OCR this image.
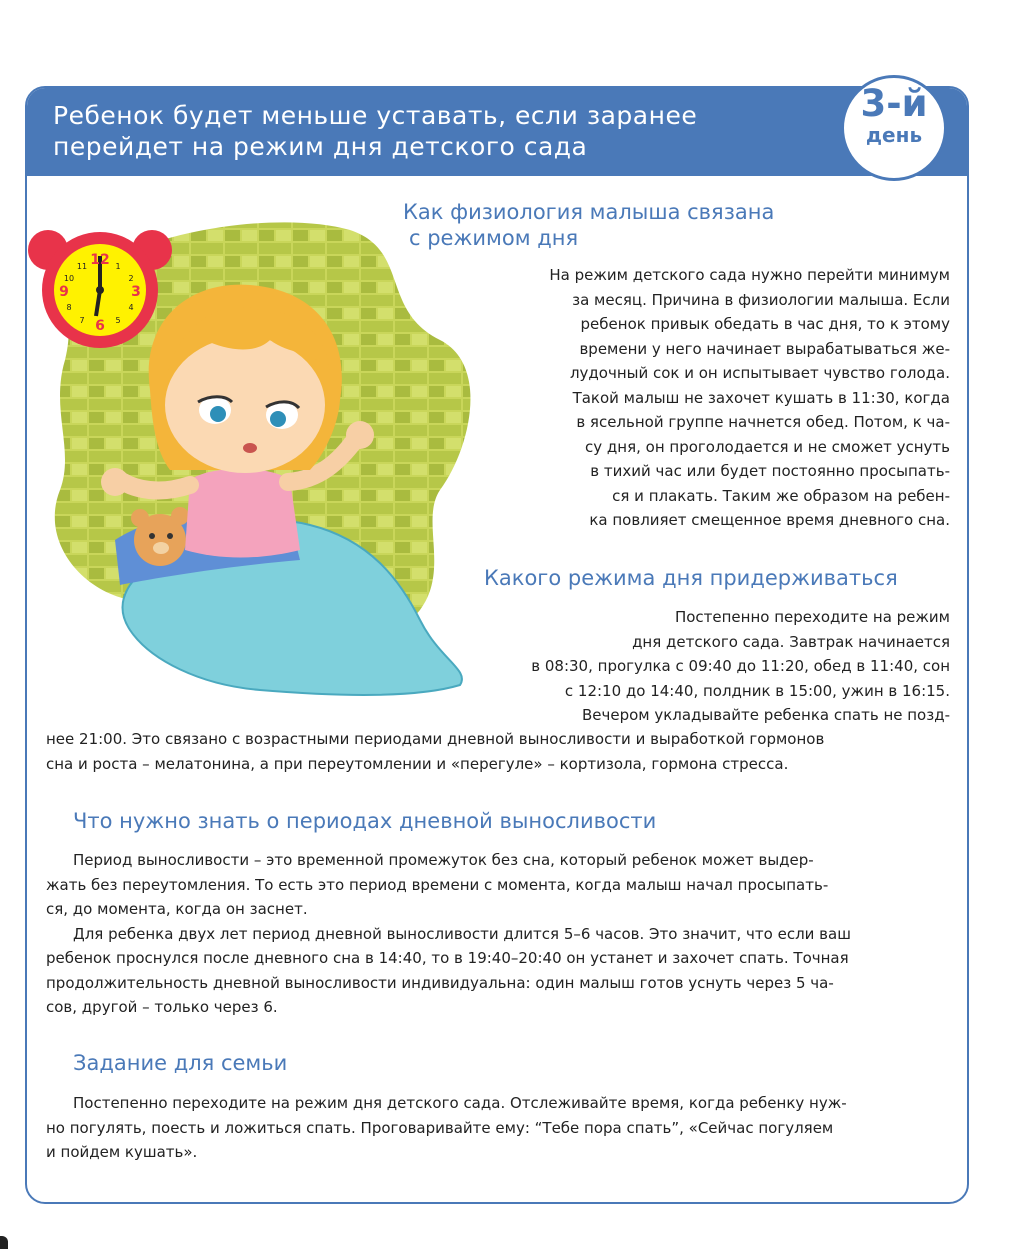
Ребенок будет меньше уставать, если заранее
перейдет на режим дня детского сада
3-й
день
12
3
6
9
1
2
4
5
7
8
10
11
Как физиология малыша связана
с режимом дня
На режим детского сада нужно перейти минимум
за месяц. Причина в физиологии малыша. Если
ребенок привык обедать в час дня, то к этому
времени у него начинает вырабатываться же-
лудочный сок и он испытывает чувство голода.
Такой малыш не захочет кушать в 11:30, когда
в ясельной группе начнется обед. Потом, к ча-
су дня, он проголодается и не сможет уснуть
в тихий час или будет постоянно просыпать-
ся и плакать. Таким же образом на ребен-
ка повлияет смещенное время дневного сна.
Какого режима дня придерживаться
Постепенно переходите на режим
дня детского сада. Завтрак начинается
в 08:30, прогулка с 09:40 до 11:20, обед в 11:40, сон
с 12:10 до 14:40, полдник в 15:00, ужин в 16:15.
Вечером укладывайте ребенка спать не позд-
нее 21:00. Это связано с возрастными периодами дневной выносливости и выработкой гормонов
сна и роста – мелатонина, а при переутомлении и «перегуле» – кортизола, гормона стресса.
Что нужно знать о периодах дневной выносливости
Период выносливости – это временной промежуток без сна, который ребенок может выдер-
жать без переутомления. То есть это период времени с момента, когда малыш начал просыпать-
ся, до момента, когда он заснет.
Для ребенка двух лет период дневной выносливости длится 5–6 часов. Это значит, что если ваш
ребенок проснулся после дневного сна в 14:40, то в 19:40–20:40 он устанет и захочет спать. Точная
продолжительность дневной выносливости индивидуальна: один малыш готов уснуть через 5 ча-
сов, другой – только через 6.
Задание для семьи
Постепенно переходите на режим дня детского сада. Отслеживайте время, когда ребенку нуж-
но погулять, поесть и ложиться спать. Проговаривайте ему: “Тебе пора спать”, «Сейчас погуляем
и пойдем кушать».
